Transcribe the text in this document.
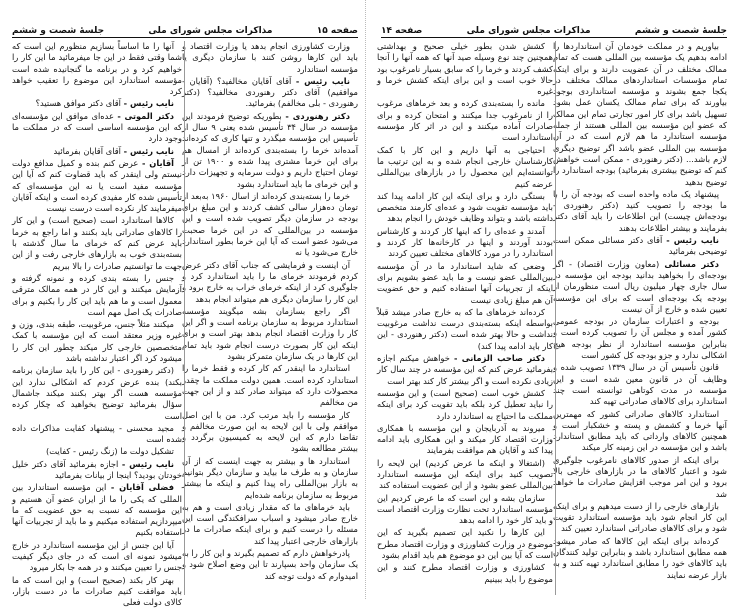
صفحه ۱۵
مذاکرات مجلس شورای ملی
جلسهٔ شصت و ششم

وزارت کشاورزی انجام بدهد یا وزارت اقتصاد و باید این کارها روشن کنند با سازمان دیگری یا مؤسسه استاندارد

نایب رئیس - آقای آقایان مخالفید؟ (آقایان - موافقیم) آقای دکتر رهنوردی مخالفید؟ (دکتر رهنوردی - بلی مخالفم) بفرمائید.

دکتر رهنوردی - بطوریکه توضیح فرمودند این مؤسسه در سال ۳۴ تأسیس شده یعنی ۹ سال از تأسیس این مؤسسه میگذرد و تنها کاری که کرده‌اند آمده‌اند خرما را بسته‌بندی کرده‌اند از امسال هم برای این خرما مشتری پیدا شده و ۱۹۰۰ تن از تومان احتیاج داریم و دولت سرمایه و تجهیزات دارد و این خرمای ما باید استاندارد بشود

خرما را بسته‌بندی کرده‌اند از اسال ۱۹۶۰ به‌بعد از تومان ده‌هزار سالی کشف کردند و این مبلغ برای بودجه در سازمان دیگر تصویب شده است و این مؤسسه در بین‌المللی که در این خرما صحبت می‌شود عضو است که آیا این خرما بطور استاندارد خارج می‌شود یا نه

آن اینست و فرمایشی که جناب آقای دکتر عرض کردم فرمودند خرمای ما را باید استاندارد کرد و جلوگیری کرد از اینکه خرمای خراب به خارج برود و این کار را سازمان دیگری هم میتواند انجام بدهد

اگر راجع بسازمان بشه میگویند مؤسسه استاندارد مربوط به سازمان برنامه است و اگر این کار را وزارت اقتصاد انجام بدهد بهتر است و برای اینکه این کار بصورت درست انجام شود باید تمام این کارها در یک سازمان متمرکز بشود

استاندارد ما اینقدر کم کار کرده و فقط خرما را استاندارد کرده است. همین دولت مملکت ما چقدر محصولات دارد که میتواند صادر کند و از این جهت من مخالفم

کار مؤسسه را باید مرتب کرد. من با این اصل موافقم ولی با این لایحه به این صورت مخالفم و تقاضا دارم که این لایحه به کمیسیون برگردد و بیشتر مطالعه بشود

استاندارد ها و بیشتر به جهت اینست که از آن سازمان و به طرف ما بیاید و سازمان دیگر بتوانیم به بازار بین‌المللی راه پیدا کنیم و اینکه ما بیشتر مربوط به سازمان برنامه شده‌ایم

باید خرماهای ما که مقدار زیادی است و هم به خارج صادر میشود و اسباب سرافکندگی است این مسئله را درست کنیم و برای اینکه صادرات ما در بازارهای خارجی اعتبار پیدا کند

پادرخواهش دارم که تصمیم بگیرند و این کار را به یک سازمان واحد بسپارند تا این وضع اصلاح شود و امیدوارم که دولت توجه کند

آنها را ما اساساً بسازیم منظورم این است که شما وقتی فقط در این جا میفرمائید ما این کار را خواهیم کرد و در برنامه ما گنجانیده شده است مؤسسه استاندارد این موضوع را تعقیب خواهد کرد

نایب رئیس - آقای دکتر موافق هستید؟

دکتر الموتی - عده‌ای موافق این مؤسسه‌ای که این مؤسسه اساسی است که در مملکت ما وجود دارد

نایب رئیس - آقای آقایان بفرمائید

آقایان - عرض کنم بنده و کمیل مدافع دولت نیستم ولی اینقدر که باید قضاوت کنم که آیا این مؤسسه مفید است یا نه این مؤسسه‌ای که تأسیس شده کار مفیدی کرده است و اینکه آقایان میفرمایند کار نکرده است درست نیست

کالاها استاندارد است (صحیح است) و این کار را کالاهای صادراتی باید بکنند و اما راجع به خرما باید عرض کنم که خرمای ما سال گذشته با بسته‌بندی خوب به بازارهای خارجی رفت و از این جهت ما توانستیم صادرات را بالا ببریم

جنس را بسته بندی کرده و نمونه گرفته و آزمایش میکنند و این کار در همه ممالک مترقی معمول است و ما هم باید این کار را بکنیم و برای صادرات یک اصل مهم است

میکنند مثلاً جنس، مرغوبیت، طبقه بندی، وزن و غیره وزیر معتقد است که این مؤسسه با کمک متخصصین خارجی کار میکند چطور این کار را میشود کرد اگر اعتبار نداشته باشد

(دکتر رهنوردی - این کار را باید سازمان برنامه بکند) بنده عرض کردم که اشکالی ندارد این مؤسسه هست اگر بهتر بکنند میکند جاشمال سؤال بفرمائید توضیح بخواهید که چکار کرده است

مجید محسنی - پیشنهاد کفایت مذاکرات داده شده است

تشکیل دولت ما (زنگ رئیس - کفایت)

نایب رئیس - اجازه بفرمائید آقای دکتر خلیل خودتان بودید؟ اینجا از بیانات بفرمائید

فضلی آقایان - این مؤسسه استاندارد بین المللی که یکی را ما از ایران عضو آن هستیم و این مؤسسه که نسبت به حق عضویت که ما میپردازیم استفاده میکنیم و ما باید از تجربیات آنها استفاده بکنیم

آیا این جنس از این مؤسسه استاندارد در خارج میشود نمونه ای است که در جای دیگر کیفیت جنس را تعیین میکنند و در همه جا بکار میرود

بهتر کار بکند (صحیح است) و این است که ما باید موافقت کنیم صادرات ما در دست بازار، کالای دولت فعلی

جلسهٔ شصت و ششم
مذاکرات مجلس شورای ملی
صفحه ۱۴

بیاوریم و در مملکت خودمان آن استانداردها را ادامه بدهیم یک مؤسسه بین المللی هست که تمام ممالک مختلف در آن عضویت دارند و برای اینکه تمام مؤسسات استانداردهای ممالک مختلف در یکجا جمع بشوند و مؤسسه استانداردی بوجود بیاورند که برای تمام ممالک یکسان عمل بشود تسهیل باشد برای کار امور تجارتی تمام این ممالک که عضو این مؤسسه بین المللی هستند از جمله مؤسسه استاندارد ما هم لازم است که در آن مؤسسه بین المللی عضو باشد اگر توضیح دیگری لازم باشد... (دکتر رهنوردی - ممکن است خواهش کنم که توضیح بیشتری بفرمائید) بودجه استاندارد را توضیح بدهید

پیشنهاد یک ماده واحده است که بودجه آن را با ما بودجه را تصویب کنید (دکتر رهنوردی - بودجه‌اش چیست) این اطلاعات را باید آقای دکتر بفرمایند و بیشتر اطلاعات بدهند

نایب رئیس - آقای دکتر مسائلی ممکن است توضیحی بفرمائید

دکتر مسائلی (معاون وزارت اقتصاد) - اگر بودجه‌ای را بخواهید بدانید بودجه این مؤسسه در سال جاری چهار میلیون ریال است منظورمان از بودجه یک بودجه‌ای است که برای این مؤسسه تعیین شده و خارج از آن نیست

بودجه و اعتبارات سازمان در بودجه عمومی کشور آمده و مجلس آن را تصویب کرده است و بنابراین مؤسسه استاندارد از نظر بودجه هیچ اشکالی ندارد و جزو بودجه کل کشور است

قانون تأسیس آن در سال ۱۳۳۹ تصویب شده و وظایف آن در قانون معین شده است و این مؤسسه در مدت کوتاهی توانسته است چند استاندارد برای کالاهای صادراتی تهیه کند

استاندارد کالاهای صادراتی کشور که مهمترین آنها خرما و کشمش و پسته و خشکبار است و همچنین کالاهای وارداتی که باید مطابق استاندارد باشد و این مؤسسه در این زمینه کار میکند

برای اینکه از صدور کالاهای نامرغوب جلوگیری شود و اعتبار کالاهای ما در بازارهای خارجی بالا برود و این امر موجب افزایش صادرات ما خواهد شد

بازارهای خارجی را از دست میدهیم و برای اینکه این کار انجام شود باید مؤسسه استاندارد تقویت شود و برای کالاهای صادراتی استاندارد تعیین کند

کرده‌اند برای اینکه این کالاها که صادر میشود همه مطابق استاندارد باشد و بنابراین تولید کنندگان باید کالاهای خود را مطابق استاندارد تهیه کنند و به بازار عرضه نمایند

کشش شدن بطور خیلی صحیح و بهداشتی همچنین چند نوع وسیله صید آنها که همه آنها را آنجا کشف کردند و خرما را که سابق بسیار نامرغوب بود حالا خوب است و این برای اینکه کشش خرما و غیره

مانده را بسته‌بندی کرده و بعد خرماهای مرغوب را از نامرغوب جدا میکنند و امتحان کرده و برای صادرات آماده میکنند و این در اثر کار مؤسسه استاندارد است

احتیاجی به آنها داریم و این کار با کمک کارشناسان خارجی انجام شده و به این ترتیب ما توانسته‌ایم این محصول را در بازارهای بین‌المللی عرضه کنیم

بستگی دارد و برای اینکه این کار ادامه پیدا کند باید مؤسسه تقویت شود و عده‌ای کارمند متخصص داشته باشد و بتواند وظایف خودش را انجام بدهد

آمدند و عده‌ای را که اینها کار کردند و کارشناس بودند آوردند و اینها در کارخانه‌ها کار کردند و استاندارد را در مورد کالاهای مختلف تعیین کردند

وضعی که شاید استاندارد ما در آن مؤسسه بین‌المللی عضو نیست و ما باید عضو بشویم برای اینکه از تجربیات آنها استفاده کنیم و حق عضویت آن هم مبلغ زیادی نیست

کرده‌اند خرماهای ما که به خارج صادر میشد قبلاً بواسطه اینکه بسته‌بندی درست نداشت مرغوبیت نداشت و حالا بهتر شده است (دکتر رهنوردی - این کار باید ادامه پیدا کند)

دکتر صاحب الزمانی - خواهش میکنم اجازه بفرمائید عرض کنم که این مؤسسه در چند سال کار زیادی نکرده است و اگر بیشتر کار کند بهتر است

کشش خوب است (صحیح است) و این مؤسسه را نباید تعطیل کرد بلکه باید تقویت کرد برای اینکه مملکت ما احتیاج به استاندارد دارد

میروند به آذربایجان و این مؤسسه با همکاری وزارت اقتصاد کار میکند و این همکاری باید ادامه پیدا کند و آقایان هم موافقت بفرمایند

(اشتغالا و اینکه ما عرض کردیم) این لایحه را تصویب کنید برای اینکه این مؤسسه استاندارد بین‌المللی عضو بشود و از این عضویت استفاده کند

سازمان بشه و این است که ما عرض کردیم این مؤسسه استاندارد تحت نظارت وزارت اقتصاد است و باید کار خود را ادامه بدهد

این کارها را نکنید این تصمیم بگیرید که این موضوع در وزارت کشاورزی و وزارت اقتصاد مطرح است که آیا بین این دو موضوع هم باید اقدام بشود

کشاورزی و وزارت اقتصاد مطرح کنند و این موضوع را باید ببینیم
